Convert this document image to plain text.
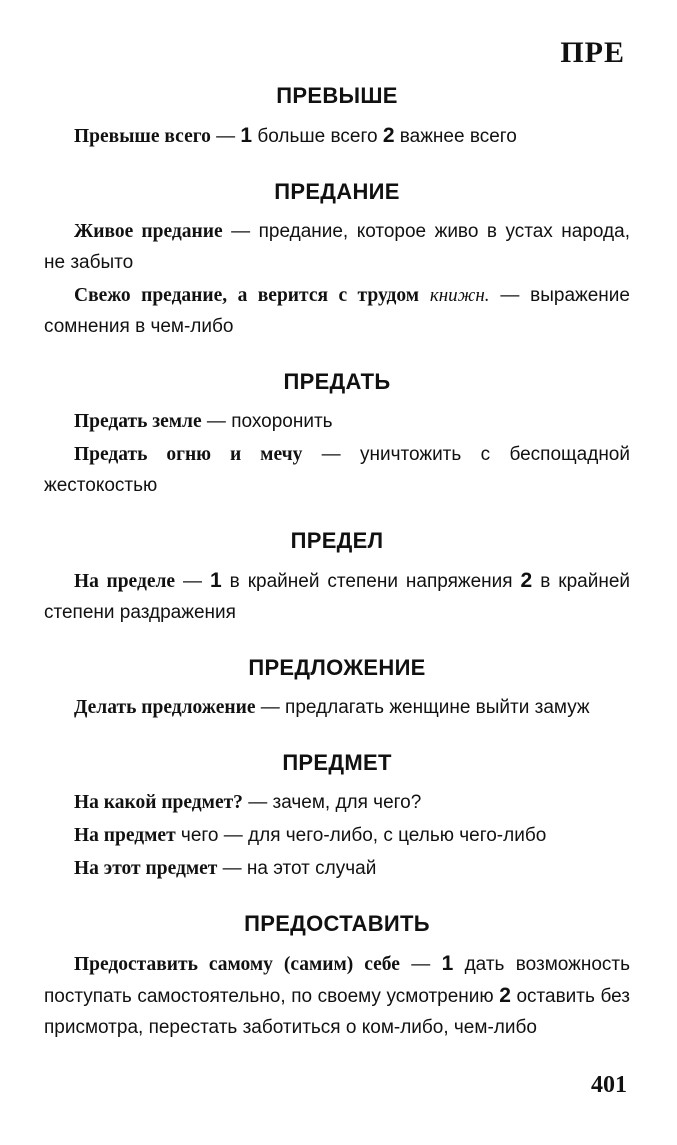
ПРЕ
ПРЕВЫШЕ

Превыше всего — 1 больше всего 2 важнее всего

ПРЕДАНИЕ

Живое предание — предание, которое живо в устах народа, не забыто

Свежо предание, а верится с трудом книжн. — выражение сомнения в чем-либо

ПРЕДАТЬ

Предать земле — похоронить

Предать огню и мечу — уничтожить с беспощадной жестокостью

ПРЕДЕЛ

На пределе — 1 в крайней степени напряжения 2 в крайней степени раздражения

ПРЕДЛОЖЕНИЕ

Делать предложение — предлагать женщине выйти замуж

ПРЕДМЕТ

На какой предмет? — зачем, для чего?

На предмет чего — для чего-либо, с целью чего-либо

На этот предмет — на этот случай

ПРЕДОСТАВИТЬ

Предоставить самому (самим) себе — 1 дать возможность поступать самостоятельно, по своему усмотрению 2 оставить без присмотра, перестать заботиться о ком-либо, чем-либо

401
